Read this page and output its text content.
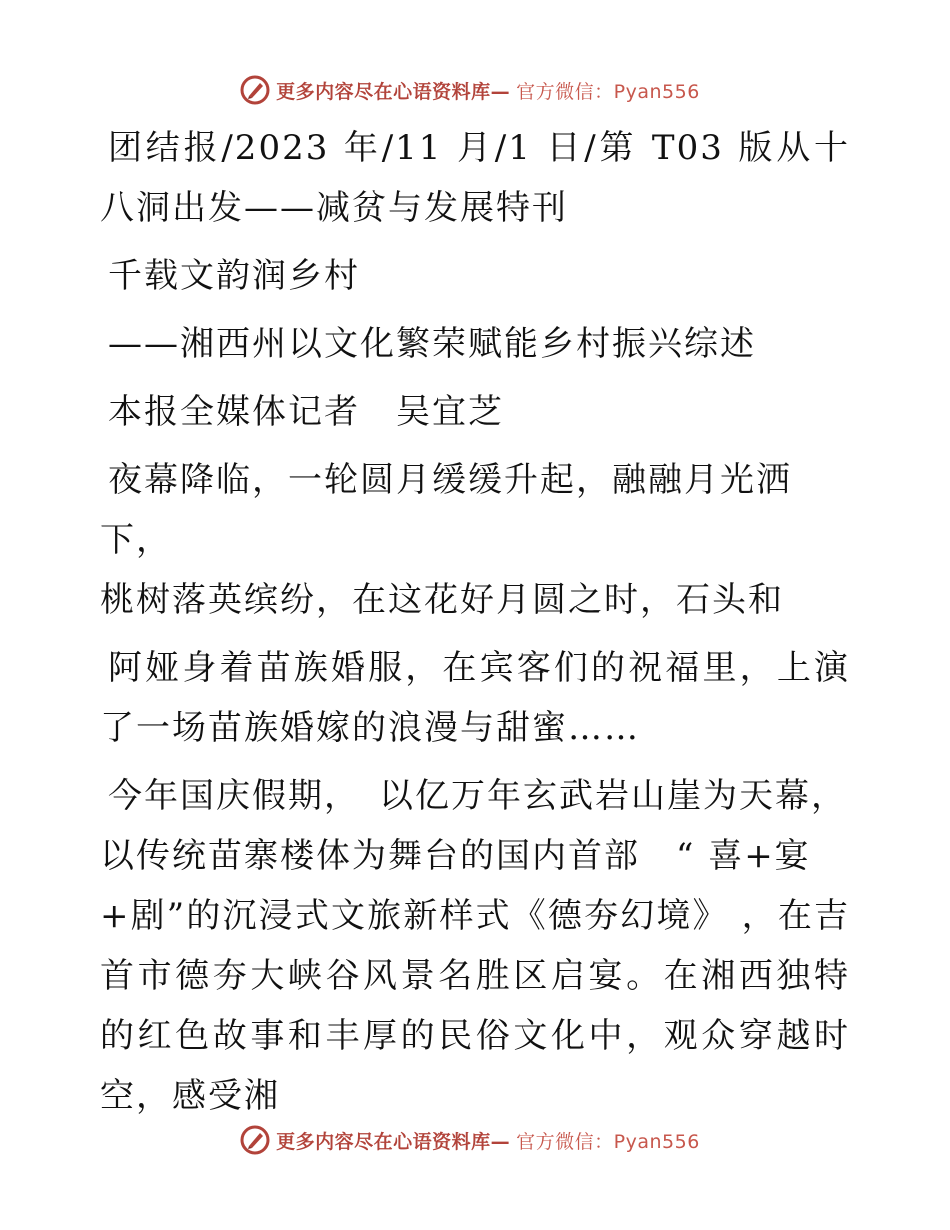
更多内容尽在心语资料库— 官方微信：Pyan556

团结报/2023 年/11 月/1 日/第 T03 版从十八洞出发——减贫与发展特刊

千载文韵润乡村

——湘西州以文化繁荣赋能乡村振兴综述

本报全媒体记者　吴宜芝

夜幕降临，一轮圆月缓缓升起，融融月光洒下，

桃树落英缤纷，在这花好月圆之时，石头和

阿娅身着苗族婚服，在宾客们的祝福里，上演了一场苗族婚嫁的浪漫与甜蜜……

今年国庆假期，　以亿万年玄武岩山崖为天幕，

以传统苗寨楼体为舞台的国内首部　“ 喜+宴

+剧”的沉浸式文旅新样式《德夯幻境》 ，在吉首市德夯大峡谷风景名胜区启宴。在湘西独特的红色故事和丰厚的民俗文化中，观众穿越时空，感受湘

更多内容尽在心语资料库— 官方微信：Pyan556
